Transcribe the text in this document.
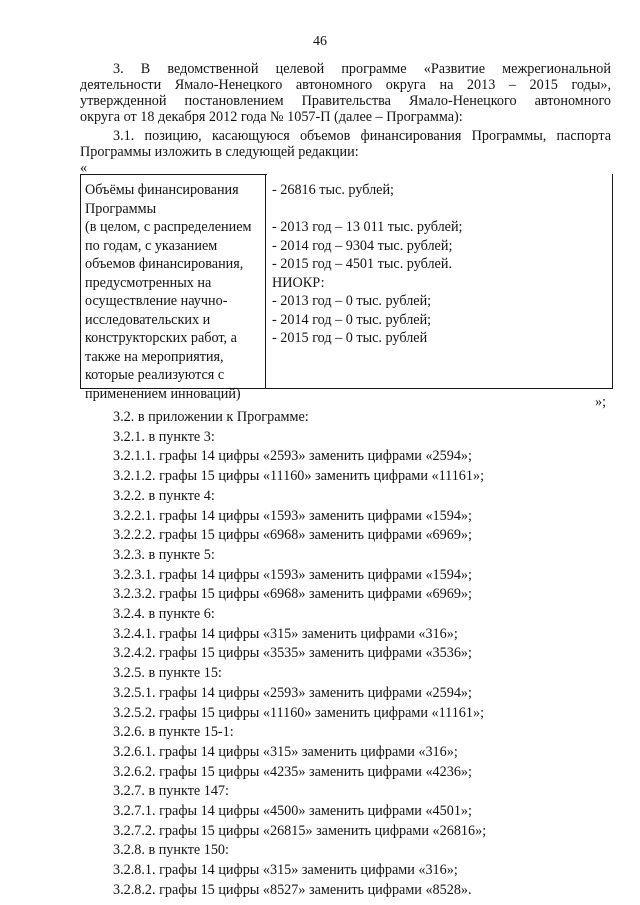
46
3. В ведомственной целевой программе «Развитие межрегиональной
деятельности Ямало-Ненецкого автономного округа на 2013 – 2015 годы»,
утвержденной постановлением Правительства Ямало-Ненецкого автономного
округа от 18 декабря 2012 года № 1057-П (далее – Программа):
3.1. позицию, касающуюся объемов финансирования Программы, паспорта
Программы изложить в следующей редакции:
«
Объёмы финансирования
Программы
(в целом, с распределением
по годам, с указанием
объемов финансирования,
предусмотренных на
осуществление научно-
исследовательских и
конструкторских работ, а
также на мероприятия,
которые реализуются с
применением инноваций)
- 26816 тыс. рублей;
- 2013 год – 13 011 тыс. рублей;
- 2014 год – 9304 тыс. рублей;
- 2015 год – 4501 тыс. рублей.
НИОКР:
- 2013 год – 0 тыс. рублей;
- 2014 год – 0 тыс. рублей;
- 2015 год – 0 тыс. рублей
»;
3.2. в приложении к Программе:
3.2.1. в пункте 3:
3.2.1.1. графы 14 цифры «2593» заменить цифрами «2594»;
3.2.1.2. графы 15 цифры «11160» заменить цифрами «11161»;
3.2.2. в пункте 4:
3.2.2.1. графы 14 цифры «1593» заменить цифрами «1594»;
3.2.2.2. графы 15 цифры «6968» заменить цифрами «6969»;
3.2.3. в пункте 5:
3.2.3.1. графы 14 цифры «1593» заменить цифрами «1594»;
3.2.3.2. графы 15 цифры «6968» заменить цифрами «6969»;
3.2.4. в пункте 6:
3.2.4.1. графы 14 цифры «315» заменить цифрами «316»;
3.2.4.2. графы 15 цифры «3535» заменить цифрами «3536»;
3.2.5. в пункте 15:
3.2.5.1. графы 14 цифры «2593» заменить цифрами «2594»;
3.2.5.2. графы 15 цифры «11160» заменить цифрами «11161»;
3.2.6. в пункте 15-1:
3.2.6.1. графы 14 цифры «315» заменить цифрами «316»;
3.2.6.2. графы 15 цифры «4235» заменить цифрами «4236»;
3.2.7. в пункте 147:
3.2.7.1. графы 14 цифры «4500» заменить цифрами «4501»;
3.2.7.2. графы 15 цифры «26815» заменить цифрами «26816»;
3.2.8. в пункте 150:
3.2.8.1. графы 14 цифры «315» заменить цифрами «316»;
3.2.8.2. графы 15 цифры «8527» заменить цифрами «8528».
